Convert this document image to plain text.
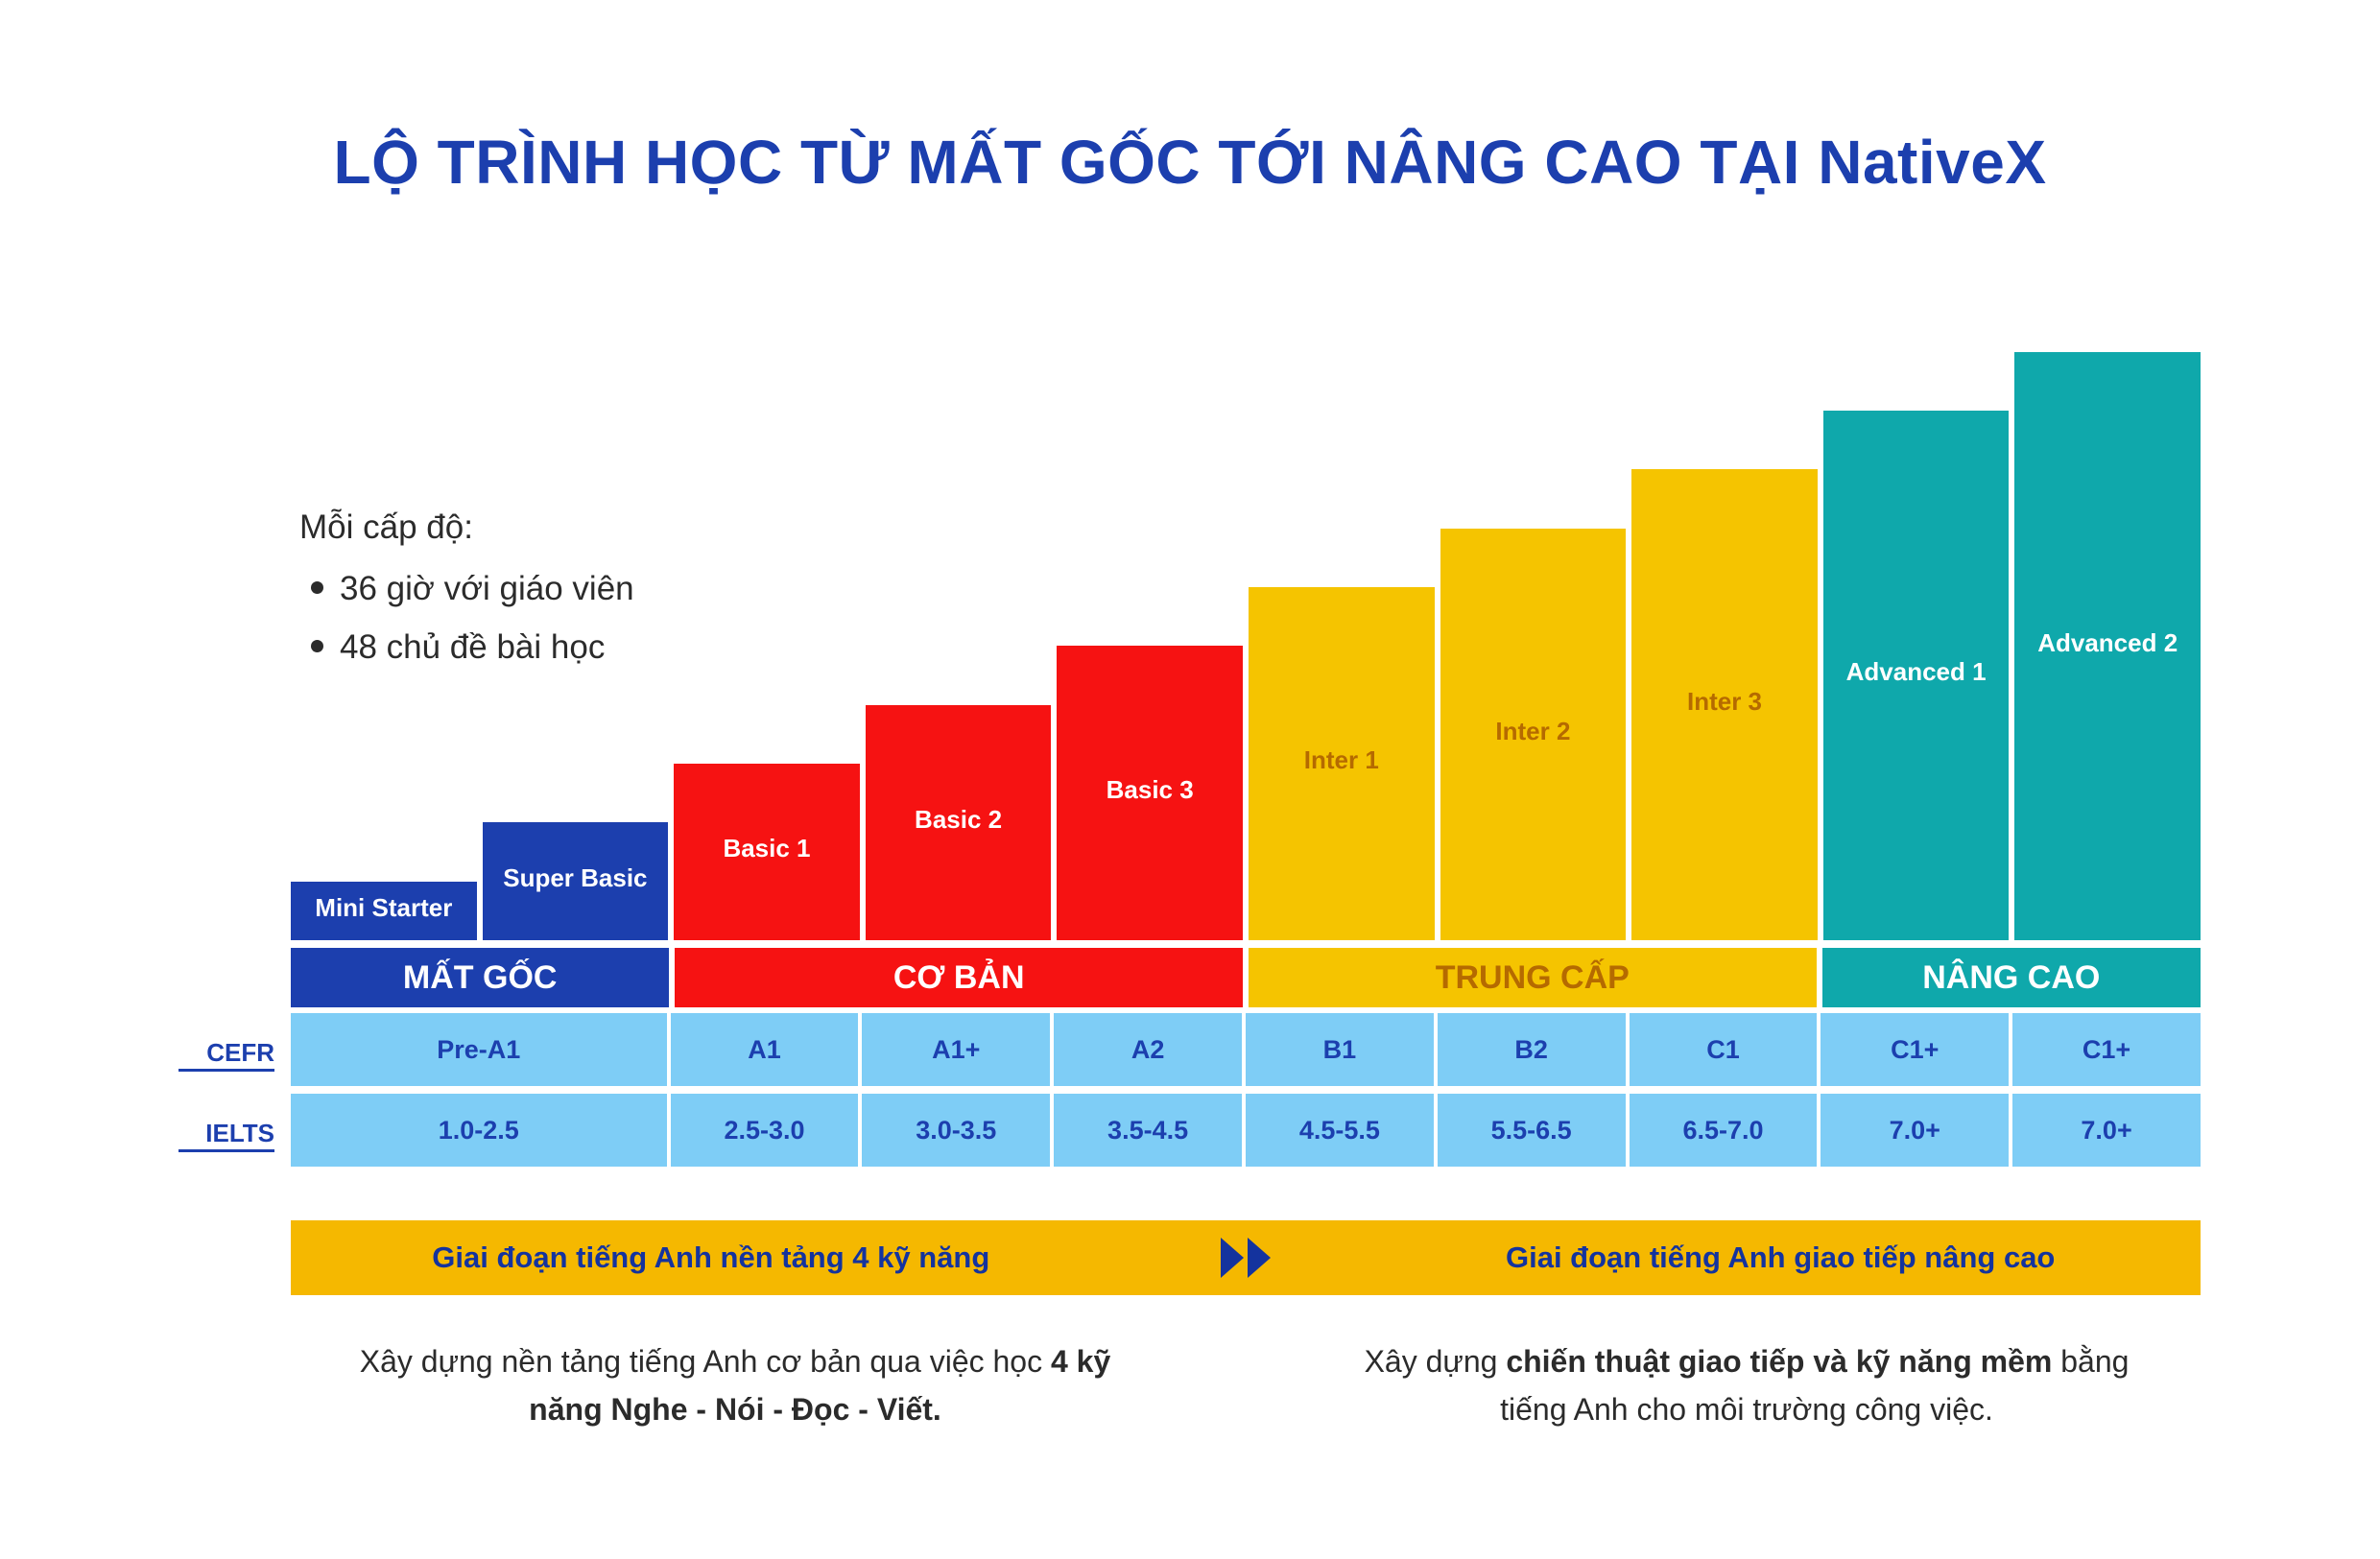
LỘ TRÌNH HỌC TỪ MẤT GỐC TỚI NÂNG CAO TẠI NativeX
Mỗi cấp độ:
36 giờ với giáo viên
48 chủ đề bài học
Mini Starter
Super Basic
Basic 1
Basic 2
Basic 3
Inter 1
Inter 2
Inter 3
Advanced 1
Advanced 2
MẤT GỐC	CƠ BẢN	TRUNG CẤP	NÂNG CAO
CEFR
IELTS
Pre-A1	A1	A1+	A2	B1	B2	C1	C1+	C1+
1.0-2.5	2.5-3.0	3.0-3.5	3.5-4.5	4.5-5.5	5.5-6.5	6.5-7.0	7.0+	7.0+
Giai đoạn tiếng Anh nền tảng 4 kỹ năng	Giai đoạn tiếng Anh giao tiếp nâng cao
Xây dựng nền tảng tiếng Anh cơ bản qua việc học 4 kỹ năng Nghe - Nói - Đọc - Viết.
Xây dựng chiến thuật giao tiếp và kỹ năng mềm bằng tiếng Anh cho môi trường công việc.
